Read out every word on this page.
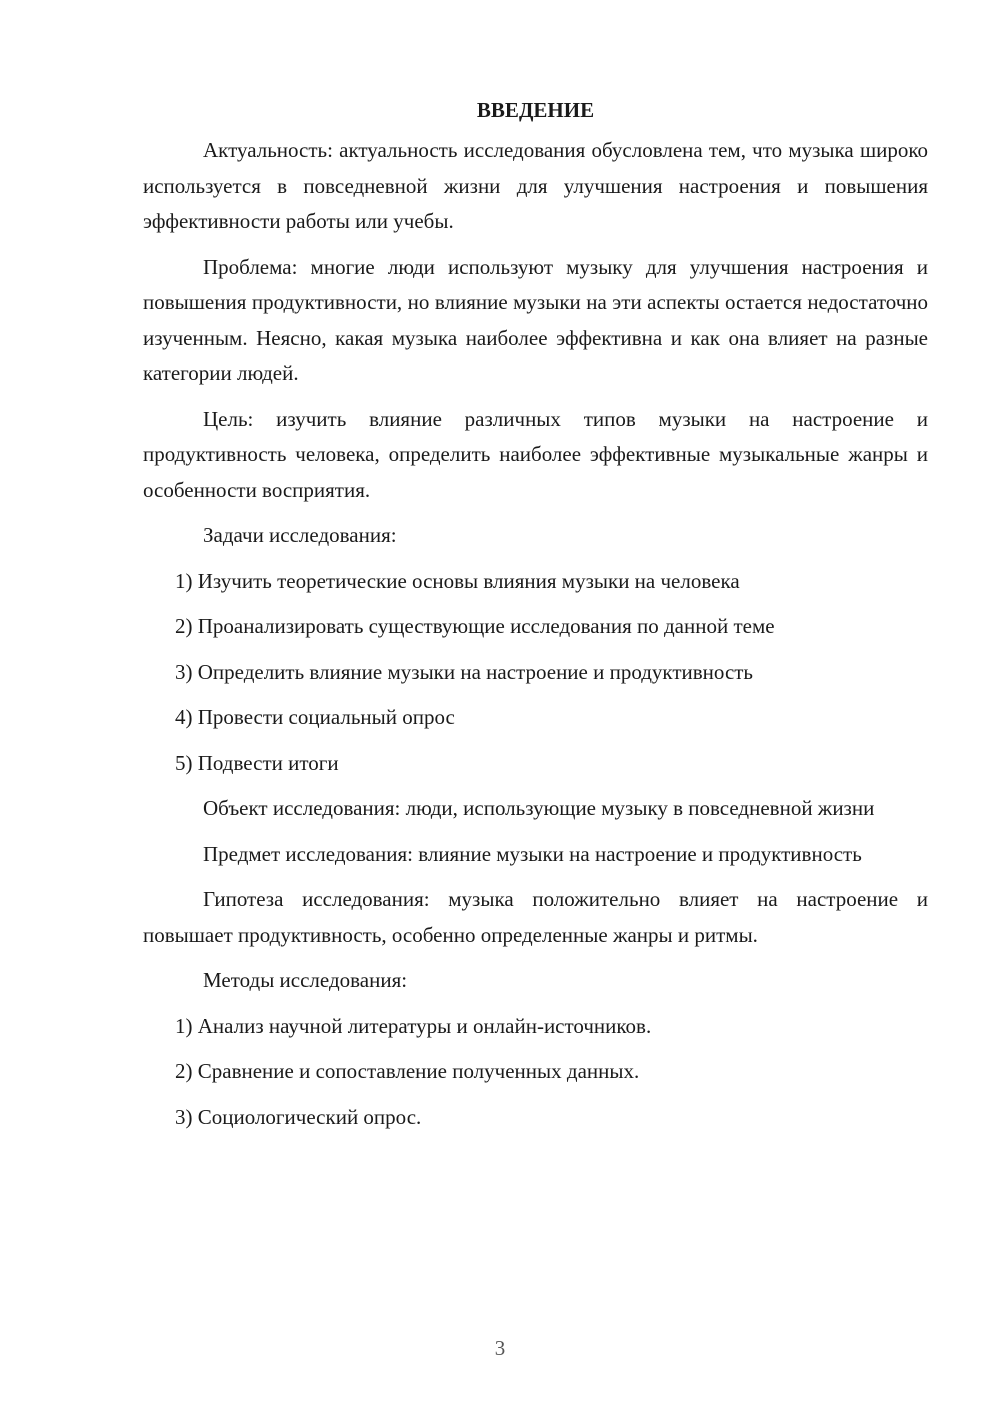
ВВЕДЕНИЕ

Актуальность: актуальность исследования обусловлена тем, что музыка широко используется в повседневной жизни для улучшения настроения и повышения эффективности работы или учебы.

Проблема: многие люди используют музыку для улучшения настроения и повышения продуктивности, но влияние музыки на эти аспекты остается недостаточно изученным. Неясно, какая музыка наиболее эффективна и как она влияет на разные категории людей.

Цель: изучить влияние различных типов музыки на настроение и продуктивность человека, определить наиболее эффективные музыкальные жанры и особенности восприятия.

Задачи исследования:

1) Изучить теоретические основы влияния музыки на человека
2) Проанализировать существующие исследования по данной теме
3) Определить влияние музыки на настроение и продуктивность
4) Провести социальный опрос
5) Подвести итоги

Объект исследования: люди, использующие музыку в повседневной жизни

Предмет исследования: влияние музыки на настроение и продуктивность

Гипотеза исследования: музыка положительно влияет на настроение и повышает продуктивность, особенно определенные жанры и ритмы.

Методы исследования:

1) Анализ научной литературы и онлайн-источников.
2) Сравнение и сопоставление полученных данных.
3) Социологический опрос.
3
